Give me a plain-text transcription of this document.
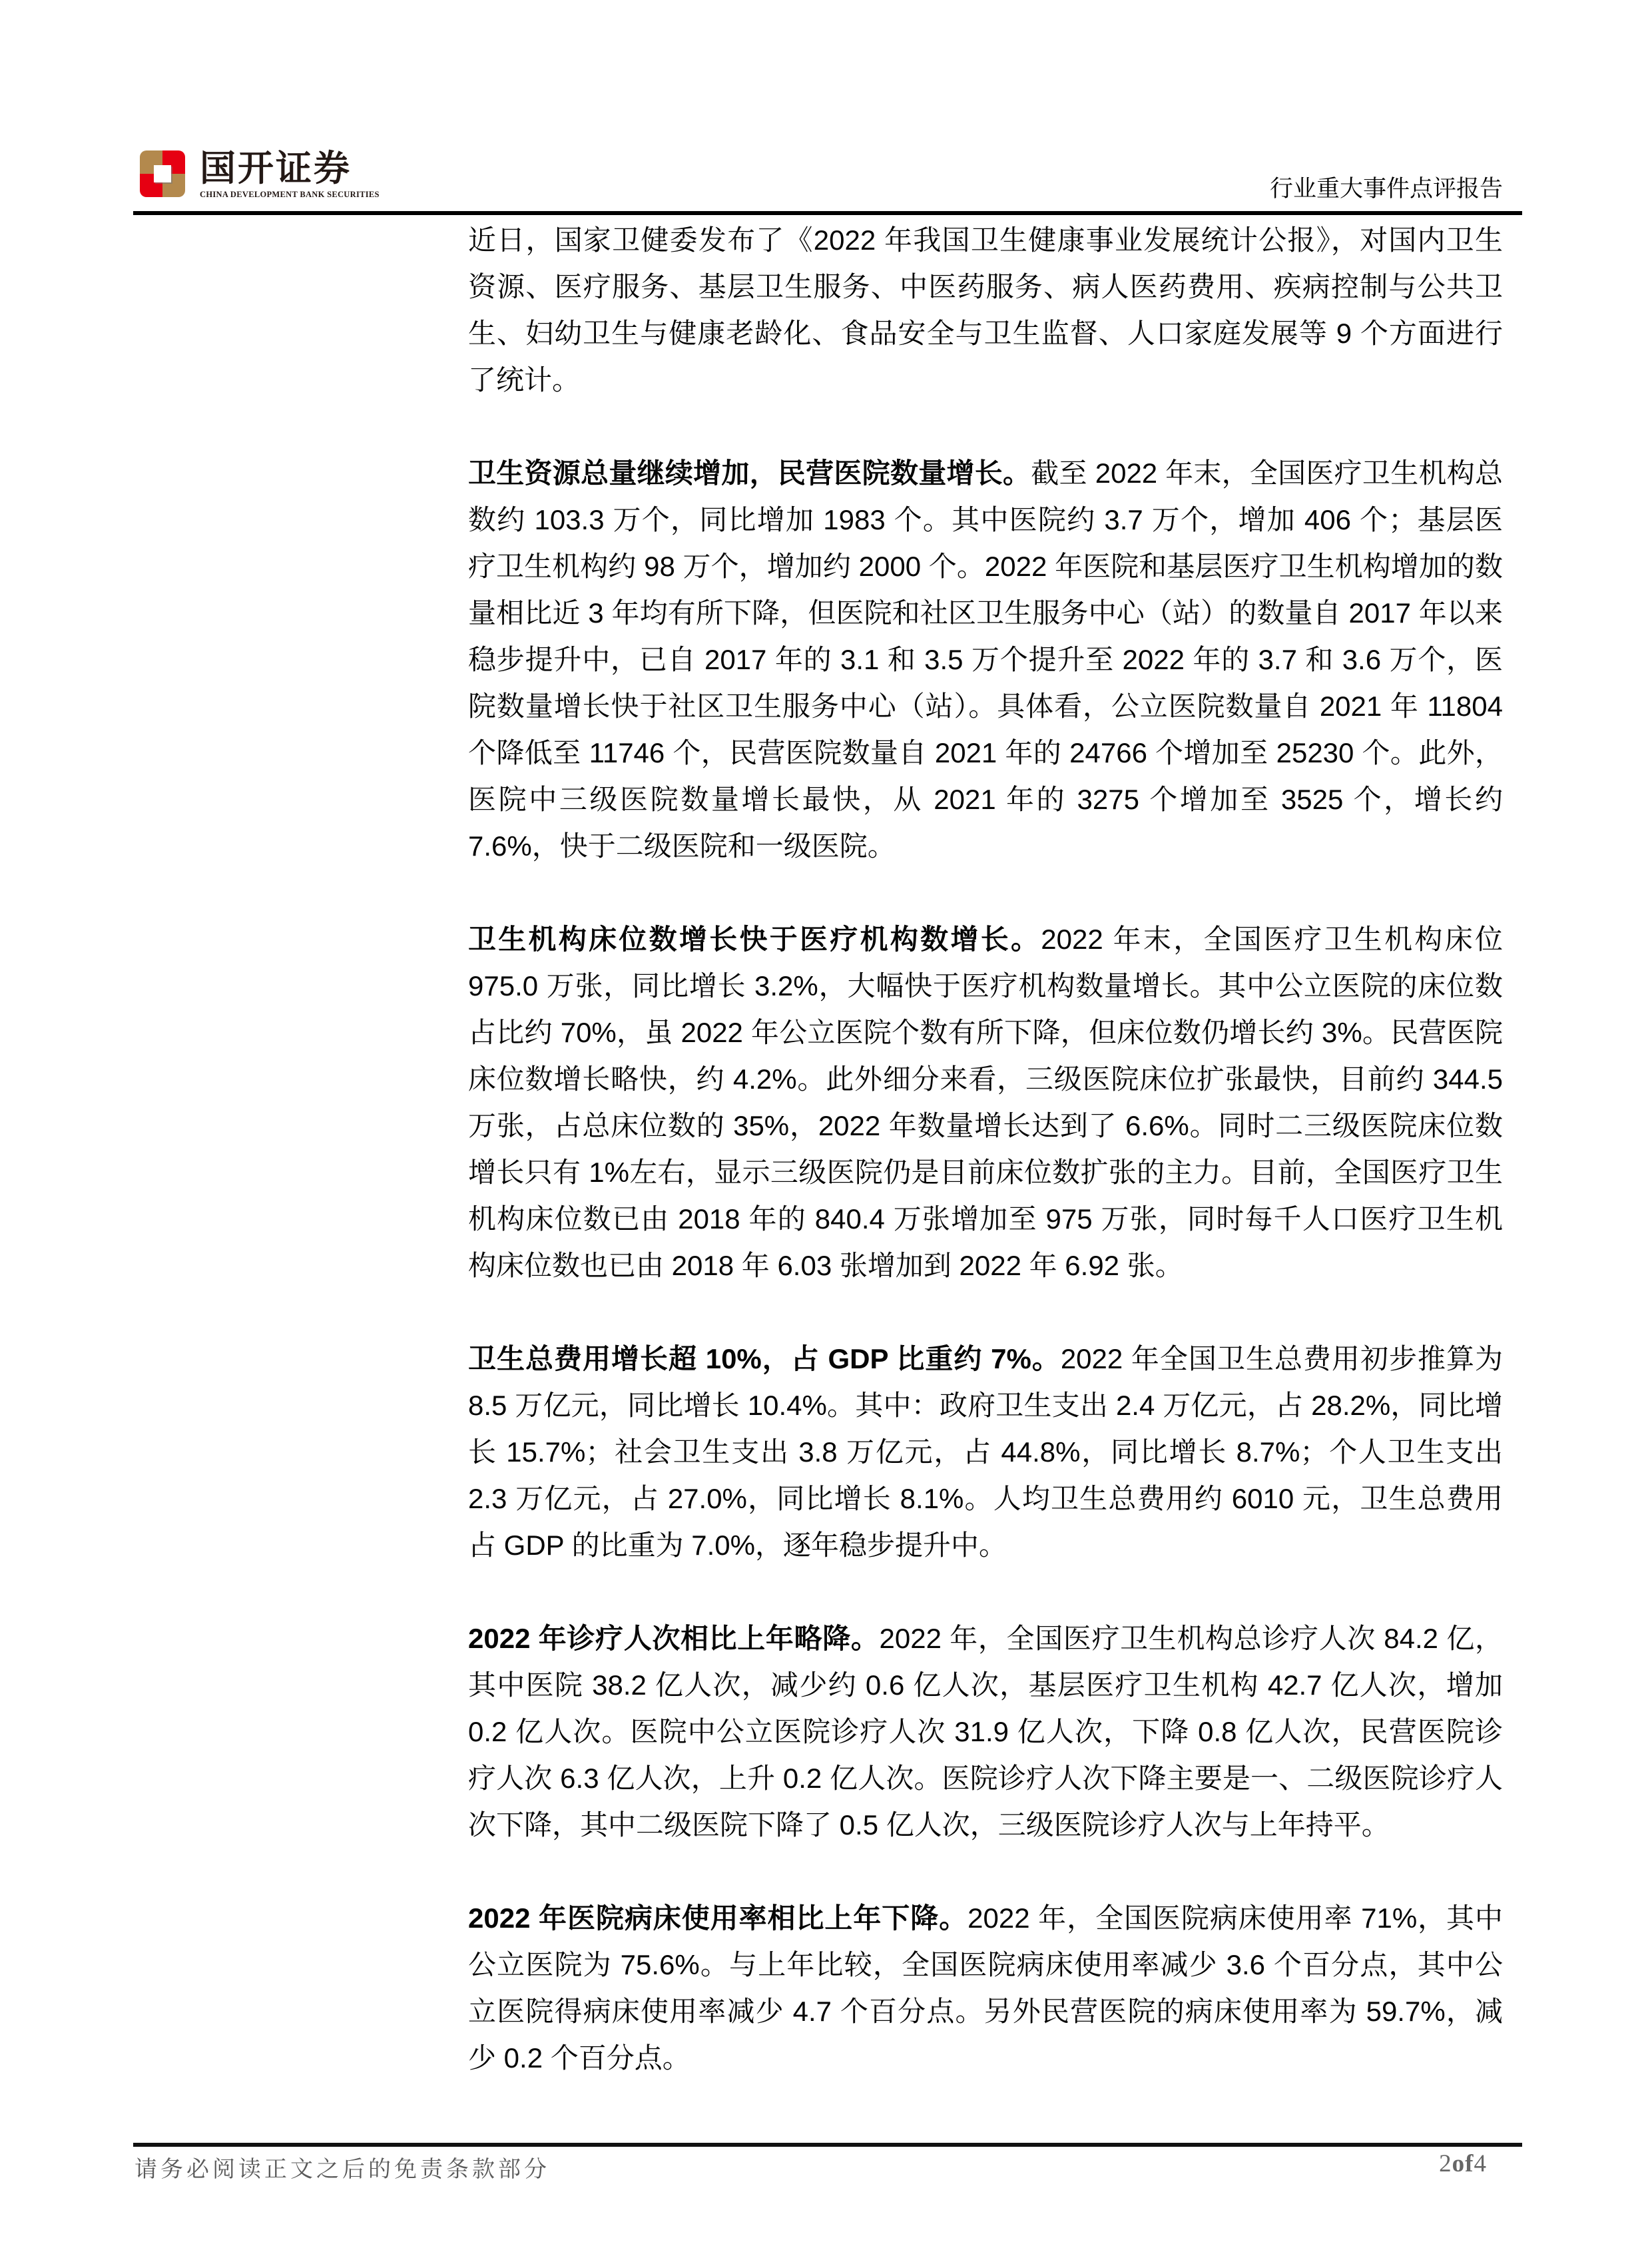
国开证券
CHINA DEVELOPMENT BANK SECURITIES	行业重大事件点评报告

近日，国家卫健委发布了《2022 年我国卫生健康事业发展统计公报》，对国内卫生资源、医疗服务、基层卫生服务、中医药服务、病人医药费用、疾病控制与公共卫生、妇幼卫生与健康老龄化、食品安全与卫生监督、人口家庭发展等 9 个方面进行了统计。

卫生资源总量继续增加，民营医院数量增长。截至 2022 年末，全国医疗卫生机构总数约 103.3 万个，同比增加 1983 个。其中医院约 3.7 万个，增加 406 个；基层医疗卫生机构约 98 万个，增加约 2000 个。2022 年医院和基层医疗卫生机构增加的数量相比近 3 年均有所下降，但医院和社区卫生服务中心（站）的数量自 2017 年以来稳步提升中，已自 2017 年的 3.1 和 3.5 万个提升至 2022 年的 3.7 和 3.6 万个，医院数量增长快于社区卫生服务中心（站）。具体看，公立医院数量自 2021 年 11804 个降低至 11746 个，民营医院数量自 2021 年的 24766 个增加至 25230 个。此外，医院中三级医院数量增长最快，从 2021 年的 3275 个增加至 3525 个，增长约 7.6%，快于二级医院和一级医院。

卫生机构床位数增长快于医疗机构数增长。2022 年末，全国医疗卫生机构床位 975.0 万张，同比增长 3.2%，大幅快于医疗机构数量增长。其中公立医院的床位数占比约 70%，虽 2022 年公立医院个数有所下降，但床位数仍增长约 3%。民营医院床位数增长略快，约 4.2%。此外细分来看，三级医院床位扩张最快，目前约 344.5 万张，占总床位数的 35%，2022 年数量增长达到了 6.6%。同时二三级医院床位数增长只有 1%左右，显示三级医院仍是目前床位数扩张的主力。目前，全国医疗卫生机构床位数已由 2018 年的 840.4 万张增加至 975 万张，同时每千人口医疗卫生机构床位数也已由 2018 年 6.03 张增加到 2022 年 6.92 张。

卫生总费用增长超 10%，占 GDP 比重约 7%。2022 年全国卫生总费用初步推算为 8.5 万亿元，同比增长 10.4%。其中：政府卫生支出 2.4 万亿元，占 28.2%，同比增长 15.7%；社会卫生支出 3.8 万亿元，占 44.8%，同比增长 8.7%；个人卫生支出 2.3 万亿元，占 27.0%，同比增长 8.1%。人均卫生总费用约 6010 元，卫生总费用占 GDP 的比重为 7.0%，逐年稳步提升中。

2022 年诊疗人次相比上年略降。2022 年，全国医疗卫生机构总诊疗人次 84.2 亿，其中医院 38.2 亿人次，减少约 0.6 亿人次，基层医疗卫生机构 42.7 亿人次，增加 0.2 亿人次。医院中公立医院诊疗人次 31.9 亿人次，下降 0.8 亿人次，民营医院诊疗人次 6.3 亿人次，上升 0.2 亿人次。医院诊疗人次下降主要是一、二级医院诊疗人次下降，其中二级医院下降了 0.5 亿人次，三级医院诊疗人次与上年持平。

2022 年医院病床使用率相比上年下降。2022 年，全国医院病床使用率 71%，其中公立医院为 75.6%。与上年比较，全国医院病床使用率减少 3.6 个百分点，其中公立医院得病床使用率减少 4.7 个百分点。另外民营医院的病床使用率为 59.7%，减少 0.2 个百分点。

请务必阅读正文之后的免责条款部分	2of4
